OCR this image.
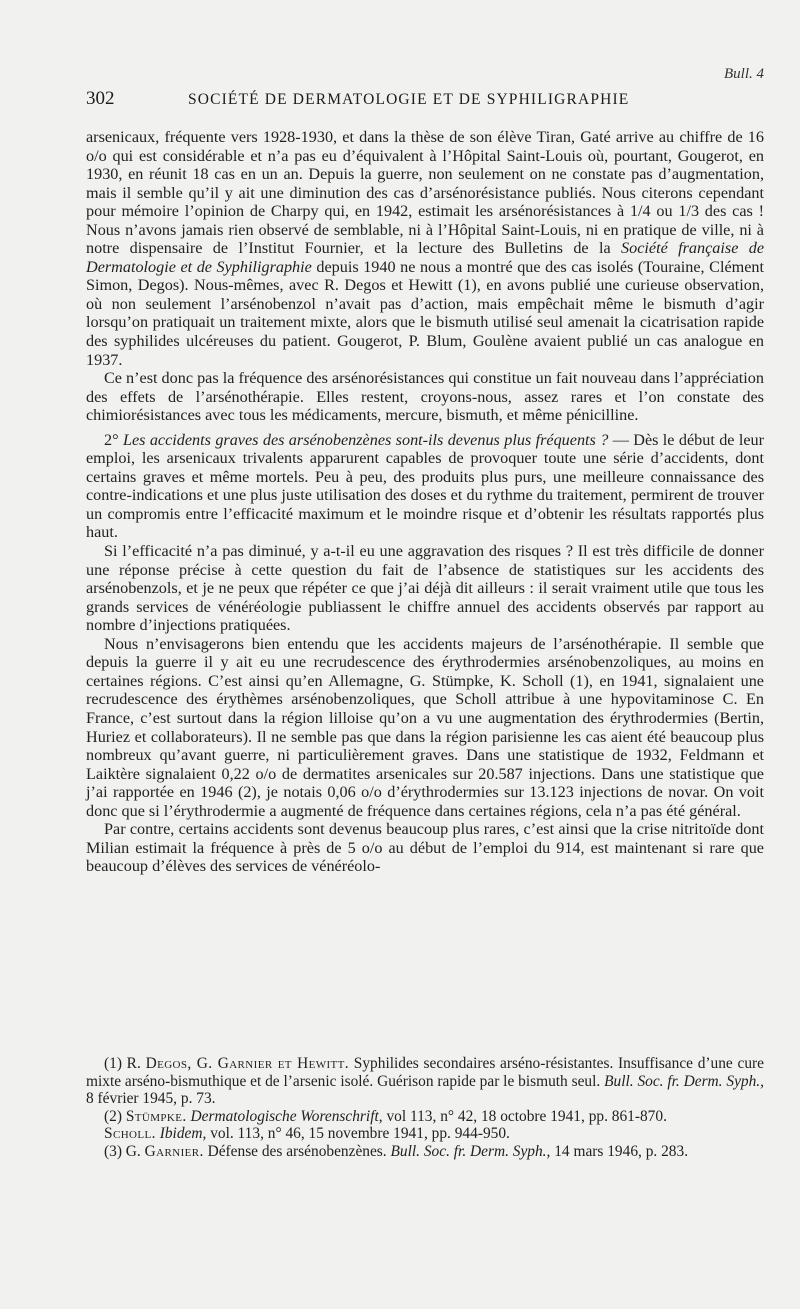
Bull. 4
302	SOCIÉTÉ DE DERMATOLOGIE ET DE SYPHILIGRAPHIE

arsenicaux, fréquente vers 1928-1930, et dans la thèse de son élève Tiran, Gaté arrive au chiffre de 16 o/o qui est considérable et n’a pas eu d’équivalent à l’Hôpital Saint-Louis où, pourtant, Gougerot, en 1930, en réunit 18 cas en un an. Depuis la guerre, non seulement on ne constate pas d’augmentation, mais il semble qu’il y ait une diminution des cas d’arsénorésistance publiés. Nous citerons cependant pour mémoire l’opinion de Charpy qui, en 1942, estimait les arsénorésistances à 1/4 ou 1/3 des cas ! Nous n’avons jamais rien observé de semblable, ni à l’Hôpital Saint-Louis, ni en pratique de ville, ni à notre dispensaire de l’Institut Fournier, et la lecture des Bulletins de la Société française de Dermatologie et de Syphiligraphie depuis 1940 ne nous a montré que des cas isolés (Touraine, Clément Simon, Degos). Nous-mêmes, avec R. Degos et Hewitt (1), en avons publié une curieuse observation, où non seulement l’arsénobenzol n’avait pas d’action, mais empêchait même le bismuth d’agir lorsqu’on pratiquait un traitement mixte, alors que le bismuth utilisé seul amenait la cicatrisation rapide des syphilides ulcéreuses du patient. Gougerot, P. Blum, Goulène avaient publié un cas analogue en 1937.

Ce n’est donc pas la fréquence des arsénorésistances qui constitue un fait nouveau dans l’appréciation des effets de l’arsénothérapie. Elles restent, croyons-nous, assez rares et l’on constate des chimiorésistances avec tous les médicaments, mercure, bismuth, et même pénicilline.

2° Les accidents graves des arsénobenzènes sont-ils devenus plus fréquents ? — Dès le début de leur emploi, les arsenicaux trivalents apparurent capables de provoquer toute une série d’accidents, dont certains graves et même mortels. Peu à peu, des produits plus purs, une meilleure connaissance des contre-indications et une plus juste utilisation des doses et du rythme du traitement, permirent de trouver un compromis entre l’efficacité maximum et le moindre risque et d’obtenir les résultats rapportés plus haut.

Si l’efficacité n’a pas diminué, y a-t-il eu une aggravation des risques ? Il est très difficile de donner une réponse précise à cette question du fait de l’absence de statistiques sur les accidents des arsénobenzols, et je ne peux que répéter ce que j’ai déjà dit ailleurs : il serait vraiment utile que tous les grands services de vénéréologie publiassent le chiffre annuel des accidents observés par rapport au nombre d’injections pratiquées.

Nous n’envisagerons bien entendu que les accidents majeurs de l’arsénothérapie. Il semble que depuis la guerre il y ait eu une recrudescence des érythrodermies arsénobenzoliques, au moins en certaines régions. C’est ainsi qu’en Allemagne, G. Stümpke, K. Scholl (1), en 1941, signalaient une recrudescence des érythèmes arsénobenzoliques, que Scholl attribue à une hypovitaminose C. En France, c’est surtout dans la région lilloise qu’on a vu une augmentation des érythrodermies (Bertin, Huriez et collaborateurs). Il ne semble pas que dans la région parisienne les cas aient été beaucoup plus nombreux qu’avant guerre, ni particulièrement graves. Dans une statistique de 1932, Feldmann et Laiktère signalaient 0,22 o/o de dermatites arsenicales sur 20.587 injections. Dans une statistique que j’ai rapportée en 1946 (2), je notais 0,06 o/o d’érythrodermies sur 13.123 injections de novar. On voit donc que si l’érythrodermie a augmenté de fréquence dans certaines régions, cela n’a pas été général.

Par contre, certains accidents sont devenus beaucoup plus rares, c’est ainsi que la crise nitritoïde dont Milian estimait la fréquence à près de 5 o/o au début de l’emploi du 914, est maintenant si rare que beaucoup d’élèves des services de vénéréolo-

(1) R. Degos, G. Garnier et Hewitt. Syphilides secondaires arséno-résistantes. Insuffisance d’une cure mixte arséno-bismuthique et de l’arsenic isolé. Guérison rapide par le bismuth seul. Bull. Soc. fr. Derm. Syph., 8 février 1945, p. 73.

(2) Stümpke. Dermatologische Worenschrift, vol 113, n° 42, 18 octobre 1941, pp. 861-870.

Scholl. Ibidem, vol. 113, n° 46, 15 novembre 1941, pp. 944-950.

(3) G. Garnier. Défense des arsénobenzènes. Bull. Soc. fr. Derm. Syph., 14 mars 1946, p. 283.
